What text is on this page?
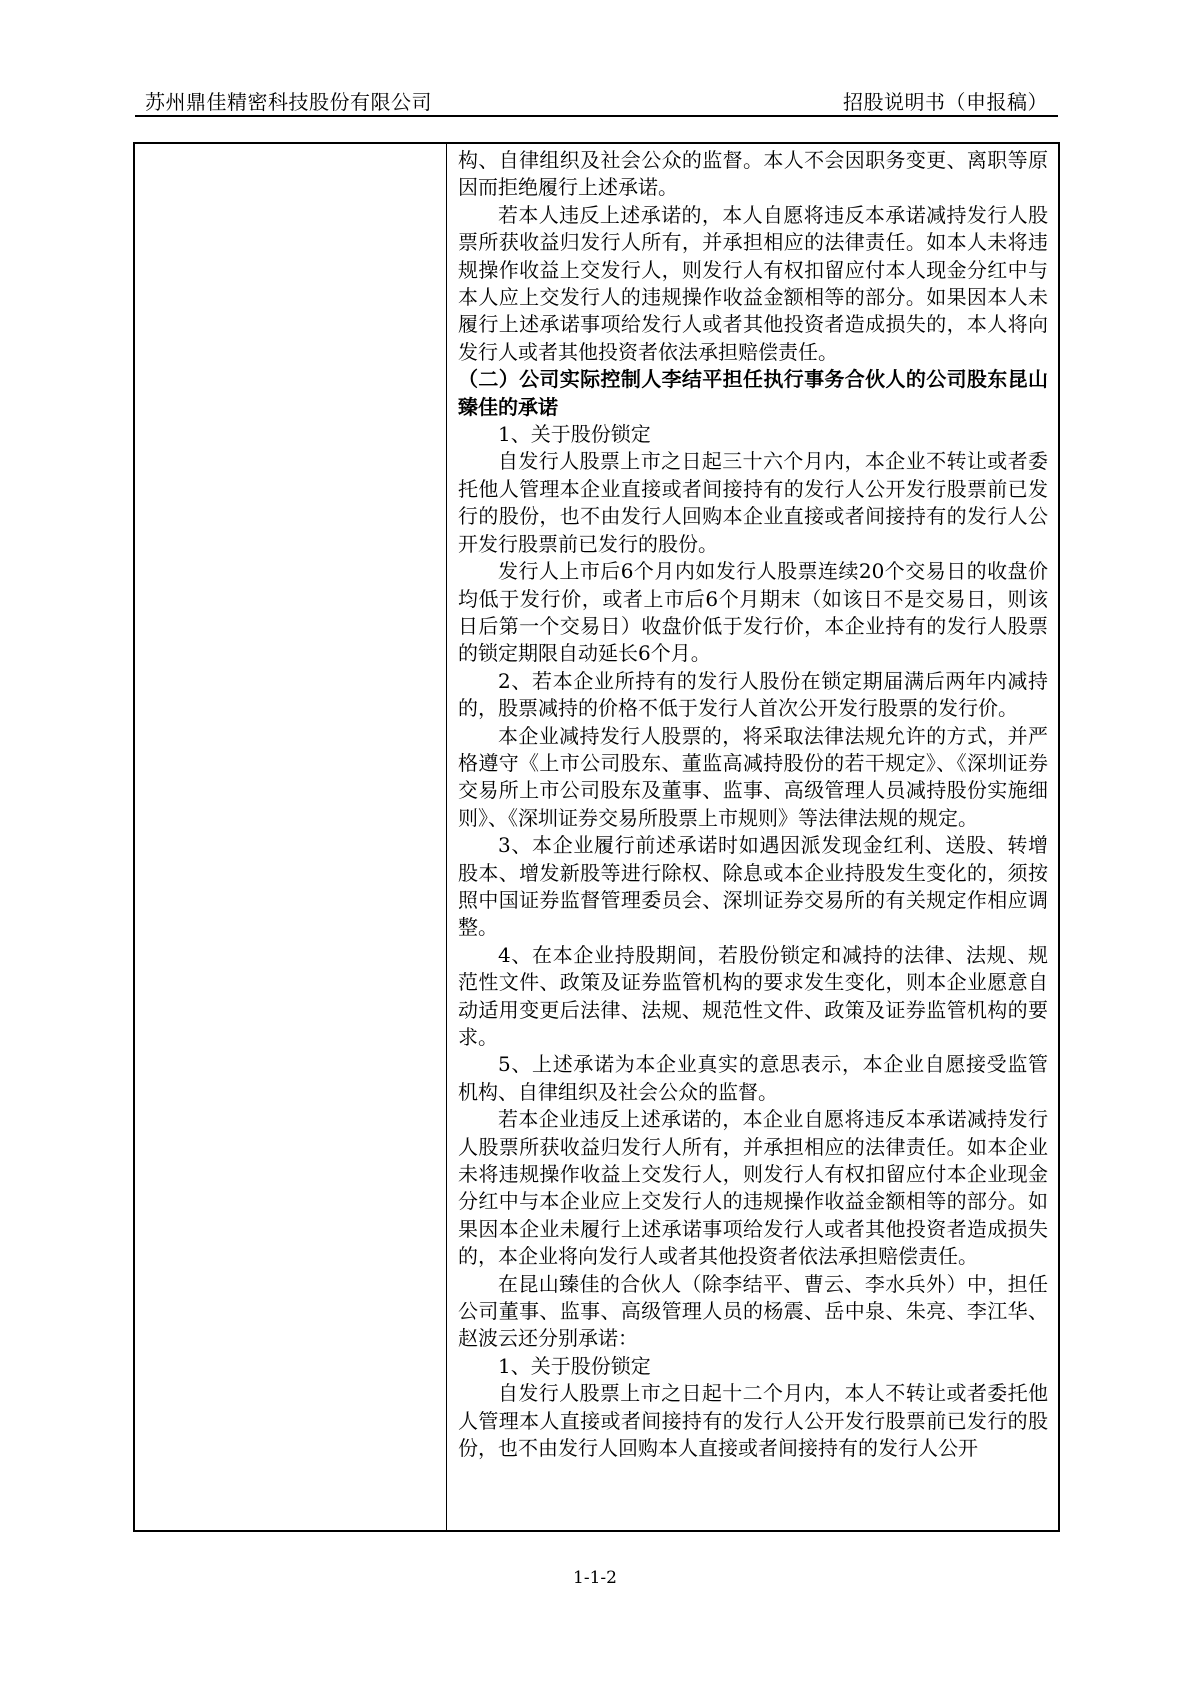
苏州鼎佳精密科技股份有限公司	招股说明书（申报稿）

构、自律组织及社会公众的监督。本人不会因职务变更、离职等原因而拒绝履行上述承诺。

若本人违反上述承诺的，本人自愿将违反本承诺减持发行人股票所获收益归发行人所有，并承担相应的法律责任。如本人未将违规操作收益上交发行人，则发行人有权扣留应付本人现金分红中与本人应上交发行人的违规操作收益金额相等的部分。如果因本人未履行上述承诺事项给发行人或者其他投资者造成损失的，本人将向发行人或者其他投资者依法承担赔偿责任。

（二）公司实际控制人李结平担任执行事务合伙人的公司股东昆山臻佳的承诺

1、关于股份锁定

自发行人股票上市之日起三十六个月内，本企业不转让或者委托他人管理本企业直接或者间接持有的发行人公开发行股票前已发行的股份，也不由发行人回购本企业直接或者间接持有的发行人公开发行股票前已发行的股份。

发行人上市后6个月内如发行人股票连续20个交易日的收盘价均低于发行价，或者上市后6个月期末（如该日不是交易日，则该日后第一个交易日）收盘价低于发行价，本企业持有的发行人股票的锁定期限自动延长6个月。

2、若本企业所持有的发行人股份在锁定期届满后两年内减持的，股票减持的价格不低于发行人首次公开发行股票的发行价。

本企业减持发行人股票的，将采取法律法规允许的方式，并严格遵守《上市公司股东、董监高减持股份的若干规定》、《深圳证券交易所上市公司股东及董事、监事、高级管理人员减持股份实施细则》、《深圳证券交易所股票上市规则》等法律法规的规定。

3、本企业履行前述承诺时如遇因派发现金红利、送股、转增股本、增发新股等进行除权、除息或本企业持股发生变化的，须按照中国证券监督管理委员会、深圳证券交易所的有关规定作相应调整。

4、在本企业持股期间，若股份锁定和减持的法律、法规、规范性文件、政策及证券监管机构的要求发生变化，则本企业愿意自动适用变更后法律、法规、规范性文件、政策及证券监管机构的要求。

5、上述承诺为本企业真实的意思表示，本企业自愿接受监管机构、自律组织及社会公众的监督。

若本企业违反上述承诺的，本企业自愿将违反本承诺减持发行人股票所获收益归发行人所有，并承担相应的法律责任。如本企业未将违规操作收益上交发行人，则发行人有权扣留应付本企业现金分红中与本企业应上交发行人的违规操作收益金额相等的部分。如果因本企业未履行上述承诺事项给发行人或者其他投资者造成损失的，本企业将向发行人或者其他投资者依法承担赔偿责任。

在昆山臻佳的合伙人（除李结平、曹云、李水兵外）中，担任公司董事、监事、高级管理人员的杨震、岳中泉、朱亮、李江华、赵波云还分别承诺：

1、关于股份锁定

自发行人股票上市之日起十二个月内，本人不转让或者委托他人管理本人直接或者间接持有的发行人公开发行股票前已发行的股份，也不由发行人回购本人直接或者间接持有的发行人公开

1-1-2
